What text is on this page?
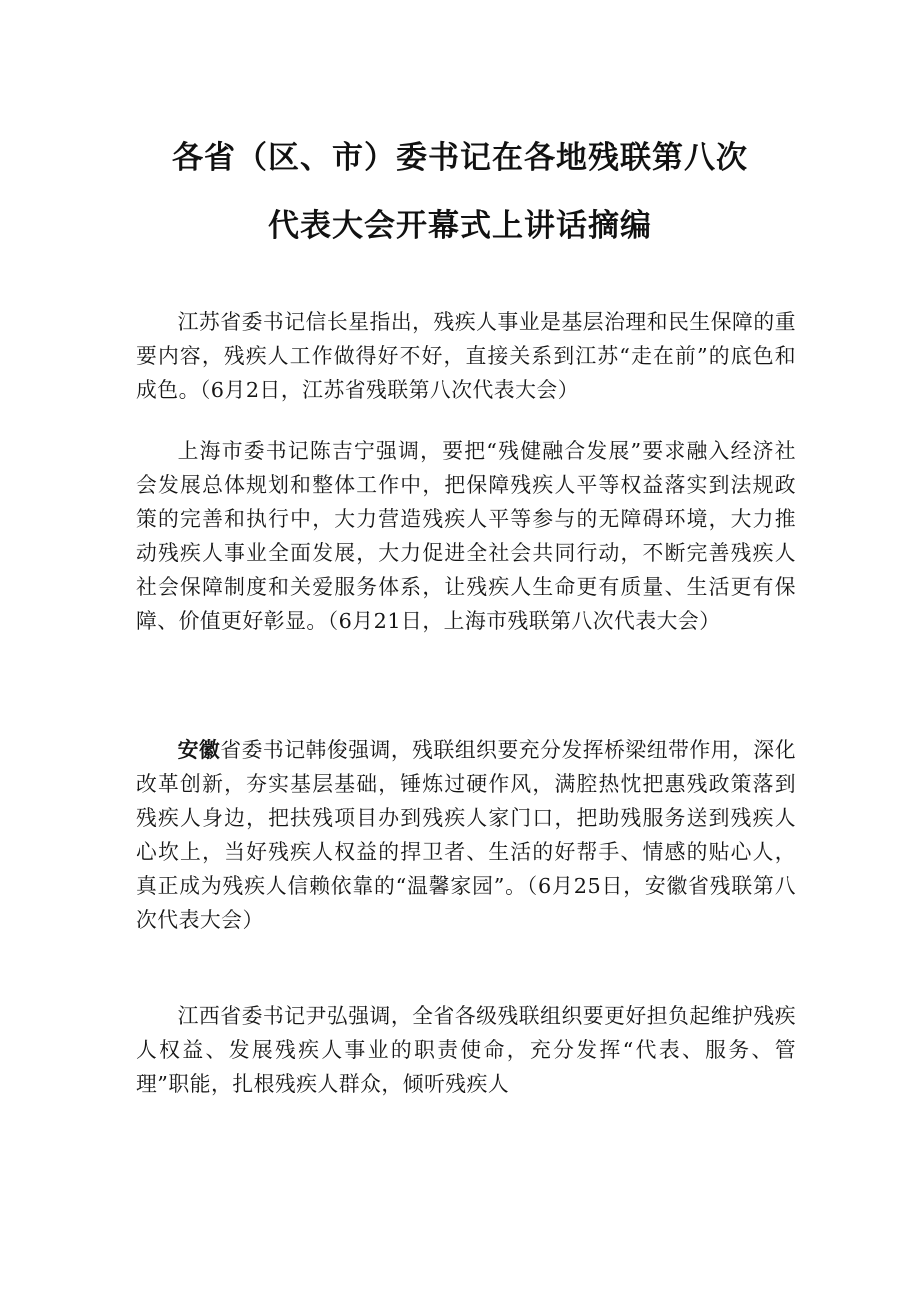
各省（区、市）委书记在各地残联第八次
代表大会开幕式上讲话摘编

江苏省委书记信长星指出，残疾人事业是基层治理和民生保障的重要内容，残疾人工作做得好不好，直接关系到江苏“走在前”的底色和成色。（6月2日，江苏省残联第八次代表大会）

上海市委书记陈吉宁强调，要把“残健融合发展”要求融入经济社会发展总体规划和整体工作中，把保障残疾人平等权益落实到法规政策的完善和执行中，大力营造残疾人平等参与的无障碍环境，大力推动残疾人事业全面发展，大力促进全社会共同行动，不断完善残疾人社会保障制度和关爱服务体系，让残疾人生命更有质量、生活更有保障、价值更好彰显。（6月21日，上海市残联第八次代表大会）

安徽省委书记韩俊强调，残联组织要充分发挥桥梁纽带作用，深化改革创新，夯实基层基础，锤炼过硬作风，满腔热忱把惠残政策落到残疾人身边，把扶残项目办到残疾人家门口，把助残服务送到残疾人心坎上，当好残疾人权益的捍卫者、生活的好帮手、情感的贴心人，真正成为残疾人信赖依靠的“温馨家园”。（6月25日，安徽省残联第八次代表大会）

江西省委书记尹弘强调，全省各级残联组织要更好担负起维护残疾人权益、发展残疾人事业的职责使命，充分发挥“代表、服务、管理”职能，扎根残疾人群众，倾听残疾人
